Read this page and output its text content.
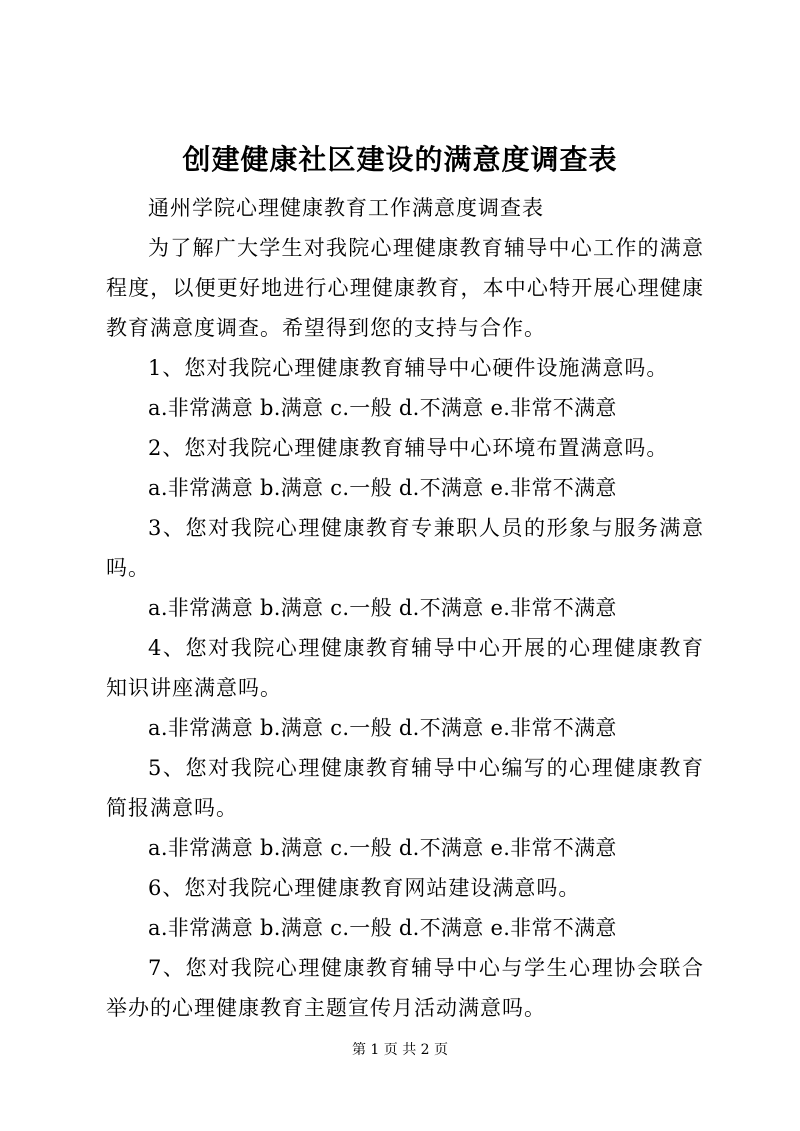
创建健康社区建设的满意度调查表

通州学院心理健康教育工作满意度调查表

为了解广大学生对我院心理健康教育辅导中心工作的满意程度，以便更好地进行心理健康教育，本中心特开展心理健康教育满意度调查。希望得到您的支持与合作。

1、您对我院心理健康教育辅导中心硬件设施满意吗。

a.非常满意 b.满意 c.一般 d.不满意 e.非常不满意

2、您对我院心理健康教育辅导中心环境布置满意吗。

a.非常满意 b.满意 c.一般 d.不满意 e.非常不满意

3、您对我院心理健康教育专兼职人员的形象与服务满意吗。

a.非常满意 b.满意 c.一般 d.不满意 e.非常不满意

4、您对我院心理健康教育辅导中心开展的心理健康教育知识讲座满意吗。

a.非常满意 b.满意 c.一般 d.不满意 e.非常不满意

5、您对我院心理健康教育辅导中心编写的心理健康教育简报满意吗。

a.非常满意 b.满意 c.一般 d.不满意 e.非常不满意

6、您对我院心理健康教育网站建设满意吗。

a.非常满意 b.满意 c.一般 d.不满意 e.非常不满意

7、您对我院心理健康教育辅导中心与学生心理协会联合举办的心理健康教育主题宣传月活动满意吗。

第 1 页 共 2 页
